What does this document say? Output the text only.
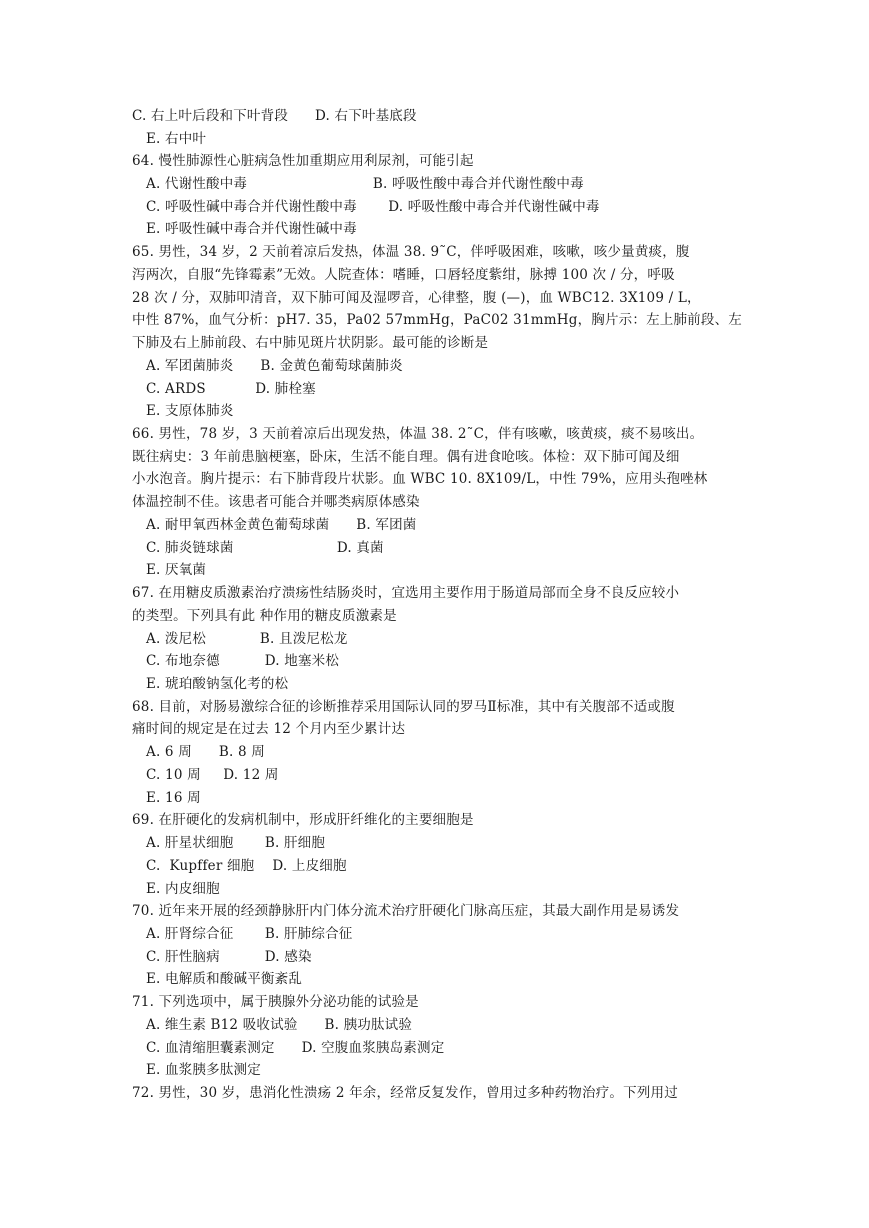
C. 右上叶后段和下叶背段      D. 右下叶基底段
E. 右中叶
64. 慢性肺源性心脏病急性加重期应用利尿剂，可能引起
A. 代谢性酸中毒                            B. 呼吸性酸中毒合并代谢性酸中毒
C. 呼吸性碱中毒合并代谢性酸中毒       D. 呼吸性酸中毒合并代谢性碱中毒
E. 呼吸性碱中毒合并代谢性碱中毒
65. 男性，34 岁，2 天前着凉后发热，体温 38. 9˜C，伴呼吸困难，咳嗽，咳少量黄痰，腹
泻两次，自服“先锋霉素”无效。人院查体：嗜睡，口唇轻度紫绀，脉搏 100 次 / 分，呼吸
28 次 / 分，双肺叩清音，双下肺可闻及湿啰音，心律整，腹 (—)，血 WBC12. 3X109 / L，
中性 87%，血气分析：pH7. 35，Pa02 57mmHg，PaC02 31mmHg，胸片示：左上肺前段、左
下肺及右上肺前段、右中肺见斑片状阴影。最可能的诊断是
A. 军团菌肺炎      B. 金黄色葡萄球菌肺炎
C. ARDS           D. 肺栓塞
E. 支原体肺炎
66. 男性，78 岁，3 天前着凉后出现发热，体温 38. 2˜C，伴有咳嗽，咳黄痰，痰不易咳出。
既往病史：3 年前患脑梗塞，卧床，生活不能自理。偶有进食呛咳。体检：双下肺可闻及细
小水泡音。胸片提示：右下肺背段片状影。血 WBC 10. 8X109/L，中性 79%，应用头孢唑林
体温控制不佳。该患者可能合并哪类病原体感染
A. 耐甲氧西林金黄色葡萄球菌      B. 军团菌
C. 肺炎链球菌                       D. 真菌
E. 厌氧菌
67. 在用糖皮质激素治疗溃疡性结肠炎时，宜选用主要作用于肠道局部而全身不良反应较小
的类型。下列具有此 种作用的糖皮质激素是
A. 泼尼松            B. 且泼尼松龙
C. 布地奈德          D. 地塞米松
E. 琥珀酸钠氢化考的松
68. 目前，对肠易激综合征的诊断推荐采用国际认同的罗马Ⅱ标准，其中有关腹部不适或腹
痛时间的规定是在过去 12 个月内至少累计达
A. 6 周      B. 8 周
C. 10 周     D. 12 周
E. 16 周
69. 在肝硬化的发病机制中，形成肝纤维化的主要细胞是
A. 肝星状细胞       B. 肝细胞
C.  Kupffer 细胞    D. 上皮细胞
E. 内皮细胞
70. 近年来开展的经颈静脉肝内门体分流术治疗肝硬化门脉高压症，其最大副作用是易诱发
A. 肝肾综合征       B. 肝肺综合征
C. 肝性脑病          D. 感染
E. 电解质和酸碱平衡紊乱
71. 下列选项中，属于胰腺外分泌功能的试验是
A. 维生素 B12 吸收试验      B. 胰功肽试验
C. 血清缩胆囊素测定      D. 空腹血浆胰岛素测定
E. 血浆胰多肽测定
72. 男性，30 岁，患消化性溃疡 2 年余，经常反复发作，曾用过多种药物治疗。下列用过
